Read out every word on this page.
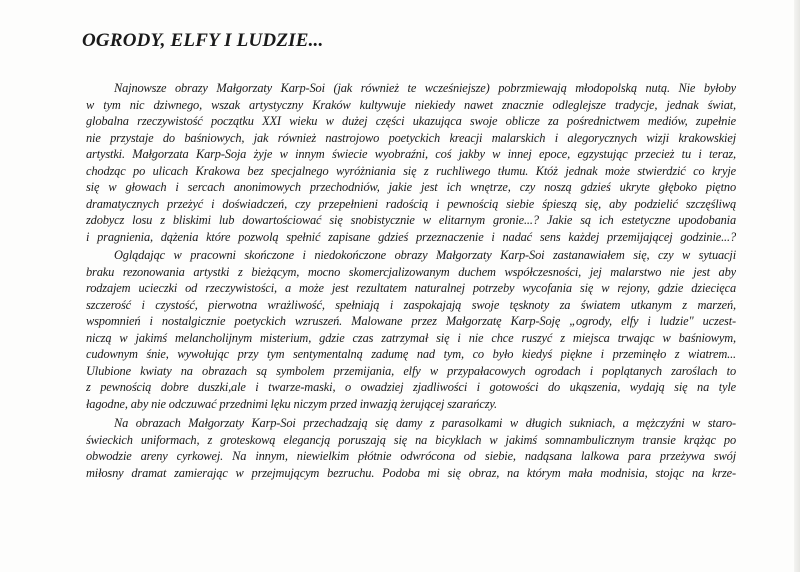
OGRODY, ELFY I LUDZIE...
Najnowsze obrazy Małgorzaty Karp-Soi (jak również te wcześniejsze) pobrzmiewają młodopolską nutą. Nie byłoby
w tym nic dziwnego, wszak artystyczny Kraków kultywuje niekiedy nawet znacznie odleglejsze tradycje, jednak świat,
globalna rzeczywistość początku XXI wieku w dużej części ukazująca swoje oblicze za pośrednictwem mediów, zupełnie
nie przystaje do baśniowych, jak również nastrojowo poetyckich kreacji malarskich i alegorycznych wizji krakowskiej
artystki. Małgorzata Karp-Soja żyje w innym świecie wyobraźni, coś jakby w innej epoce, egzystując przecież tu i teraz,
chodząc po ulicach Krakowa bez specjalnego wyróżniania się z ruchliwego tłumu. Któż jednak może stwierdzić co kryje
się w głowach i sercach anonimowych przechodniów, jakie jest ich wnętrze, czy noszą gdzieś ukryte głęboko piętno
dramatycznych przeżyć i doświadczeń, czy przepełnieni radością i pewnością siebie śpieszą się, aby podzielić szczęśliwą
zdobycz losu z bliskimi lub dowartościować się snobistycznie w elitarnym gronie...? Jakie są ich estetyczne upodobania
i pragnienia, dążenia które pozwolą spełnić zapisane gdzieś przeznaczenie i nadać sens każdej przemijającej godzinie...?
Oglądając w pracowni skończone i niedokończone obrazy Małgorzaty Karp-Soi zastanawiałem się, czy w sytuacji
braku rezonowania artystki z bieżącym, mocno skomercjalizowanym duchem współczesności, jej malarstwo nie jest aby
rodzajem ucieczki od rzeczywistości, a może jest rezultatem naturalnej potrzeby wycofania się w rejony, gdzie dziecięca
szczerość i czystość, pierwotna wrażliwość, spełniają i zaspokajają swoje tęsknoty za światem utkanym z marzeń,
wspomnień i nostalgicznie poetyckich wzruszeń. Malowane przez Małgorzatę Karp-Soję „ogrody, elfy i ludzie" uczest-
niczą w jakimś melancholijnym misterium, gdzie czas zatrzymał się i nie chce ruszyć z miejsca trwając w baśniowym,
cudownym śnie, wywołując przy tym sentymentalną zadumę nad tym, co było kiedyś piękne i przeminęło z wiatrem...
Ulubione kwiaty na obrazach są symbolem przemijania, elfy w przypałacowych ogrodach i poplątanych zaroślach to
z pewnością dobre duszki,ale i twarze-maski, o owadziej zjadliwości i gotowości do ukąszenia, wydają się na tyle
łagodne, aby nie odczuwać przednimi lęku niczym przed inwazją żerującej szarańczy.
Na obrazach Małgorzaty Karp-Soi przechadzają się damy z parasolkami w długich sukniach, a mężczyźni w staro-
świeckich uniformach, z groteskową elegancją poruszają się na bicyklach w jakimś somnambulicznym transie krążąc po
obwodzie areny cyrkowej. Na innym, niewielkim płótnie odwrócona od siebie, nadąsana lalkowa para przeżywa swój
miłosny dramat zamierając w przejmującym bezruchu. Podoba mi się obraz, na którym mała modnisia, stojąc na krze-
